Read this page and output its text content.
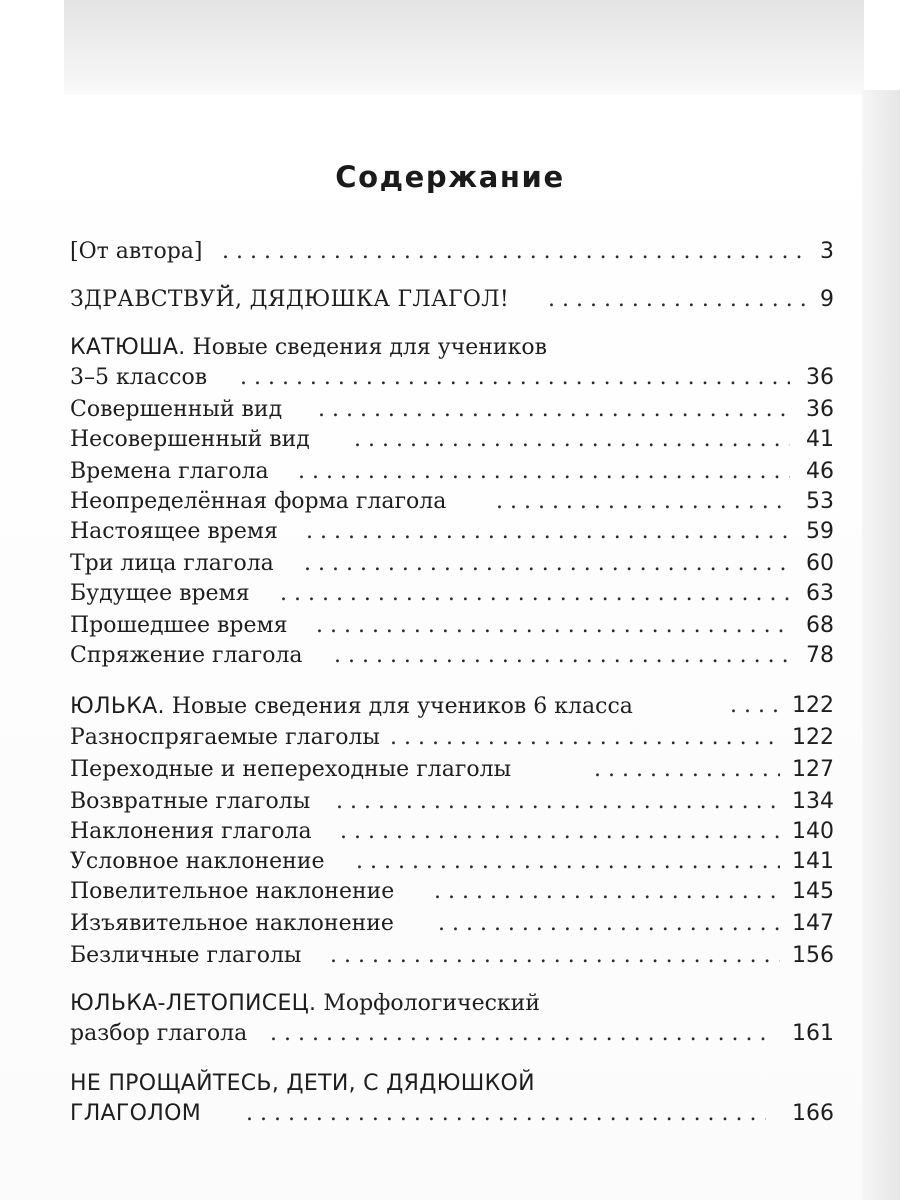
Содержание
[От автора] . . .	3
ЗДРАВСТВУЙ, ДЯДЮШКА ГЛАГОЛ! . . .	9
КАТЮША. Новые сведения для учеников
3–5 классов . . .	36
Совершенный вид . . .	36
Несовершенный вид . . .	41
Времена глагола . . .	46
Неопределённая форма глагола . . .	53
Настоящее время . . .	59
Три лица глагола . . .	60
Будущее время . . .	63
Прошедшее время . . .	68
Спряжение глагола . . .	78
ЮЛЬКА. Новые сведения для учеников 6 класса . . .	122
Разноспрягаемые глаголы . . .	122
Переходные и непереходные глаголы . . .	127
Возвратные глаголы . . .	134
Наклонения глагола . . .	140
Условное наклонение . . .	141
Повелительное наклонение . . .	145
Изъявительное наклонение . . .	147
Безличные глаголы . . .	156
ЮЛЬКА-ЛЕТОПИСЕЦ. Морфологический
разбор глагола . . .	161
НЕ ПРОЩАЙТЕСЬ, ДЕТИ, С ДЯДЮШКОЙ
ГЛАГОЛОМ . . .	166
